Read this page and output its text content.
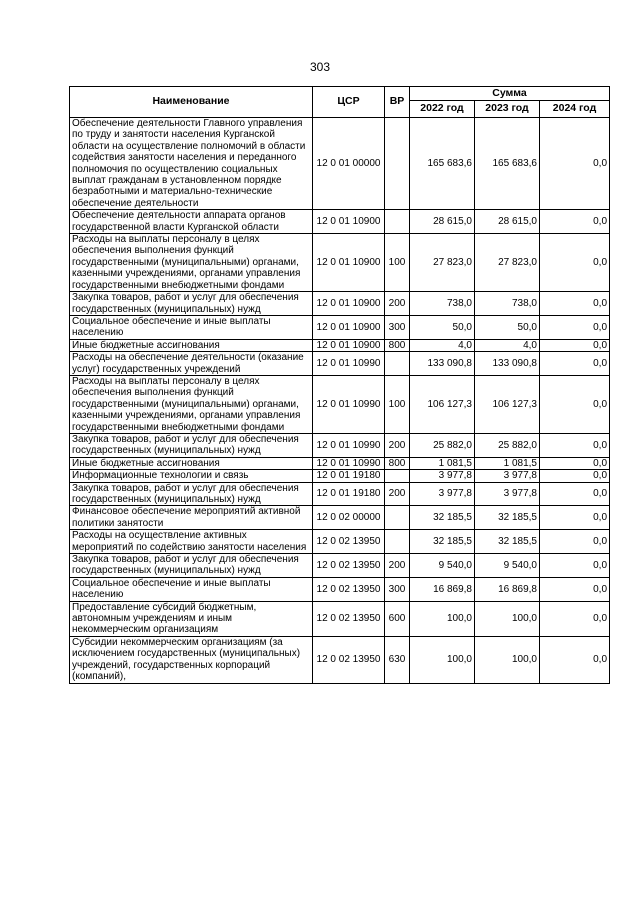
303
Наименование	ЦСР	ВР	Сумма		
			2022 год	2023 год	2024 год
Обеспечение деятельности Главного управления по труду и занятости населения Курганской области на осуществление полномочий в области содействия занятости населения и переданного полномочия по осуществлению социальных выплат гражданам в установленном порядке безработными и материально-технические обеспечение деятельности	12 0 01 00000		165 683,6	165 683,6	0,0
Обеспечение деятельности аппарата органов государственной власти Курганской области	12 0 01 10900		28 615,0	28 615,0	0,0
Расходы на выплаты персоналу в целях обеспечения выполнения функций государственными (муниципальными) органами, казенными учреждениями, органами управления государственными внебюджетными фондами	12 0 01 10900	100	27 823,0	27 823,0	0,0
Закупка товаров, работ и услуг для обеспечения государственных (муниципальных) нужд	12 0 01 10900	200	738,0	738,0	0,0
Социальное обеспечение и иные выплаты населению	12 0 01 10900	300	50,0	50,0	0,0
Иные бюджетные ассигнования	12 0 01 10900	800	4,0	4,0	0,0
Расходы на обеспечение деятельности (оказание услуг) государственных учреждений	12 0 01 10990		133 090,8	133 090,8	0,0
Расходы на выплаты персоналу в целях обеспечения выполнения функций государственными (муниципальными) органами, казенными учреждениями, органами управления государственными внебюджетными фондами	12 0 01 10990	100	106 127,3	106 127,3	0,0
Закупка товаров, работ и услуг для обеспечения государственных (муниципальных) нужд	12 0 01 10990	200	25 882,0	25 882,0	0,0
Иные бюджетные ассигнования	12 0 01 10990	800	1 081,5	1 081,5	0,0
Информационные технологии и связь	12 0 01 19180		3 977,8	3 977,8	0,0
Закупка товаров, работ и услуг для обеспечения государственных (муниципальных) нужд	12 0 01 19180	200	3 977,8	3 977,8	0,0
Финансовое обеспечение мероприятий активной политики занятости	12 0 02 00000		32 185,5	32 185,5	0,0
Расходы на осуществление активных мероприятий по содействию занятости населения	12 0 02 13950		32 185,5	32 185,5	0,0
Закупка товаров, работ и услуг для обеспечения государственных (муниципальных) нужд	12 0 02 13950	200	9 540,0	9 540,0	0,0
Социальное обеспечение и иные выплаты населению	12 0 02 13950	300	16 869,8	16 869,8	0,0
Предоставление субсидий бюджетным, автономным учреждениям и иным некоммерческим организациям	12 0 02 13950	600	100,0	100,0	0,0
Субсидии некоммерческим организациям (за исключением государственных (муниципальных) учреждений, государственных корпораций (компаний),	12 0 02 13950	630	100,0	100,0	0,0
